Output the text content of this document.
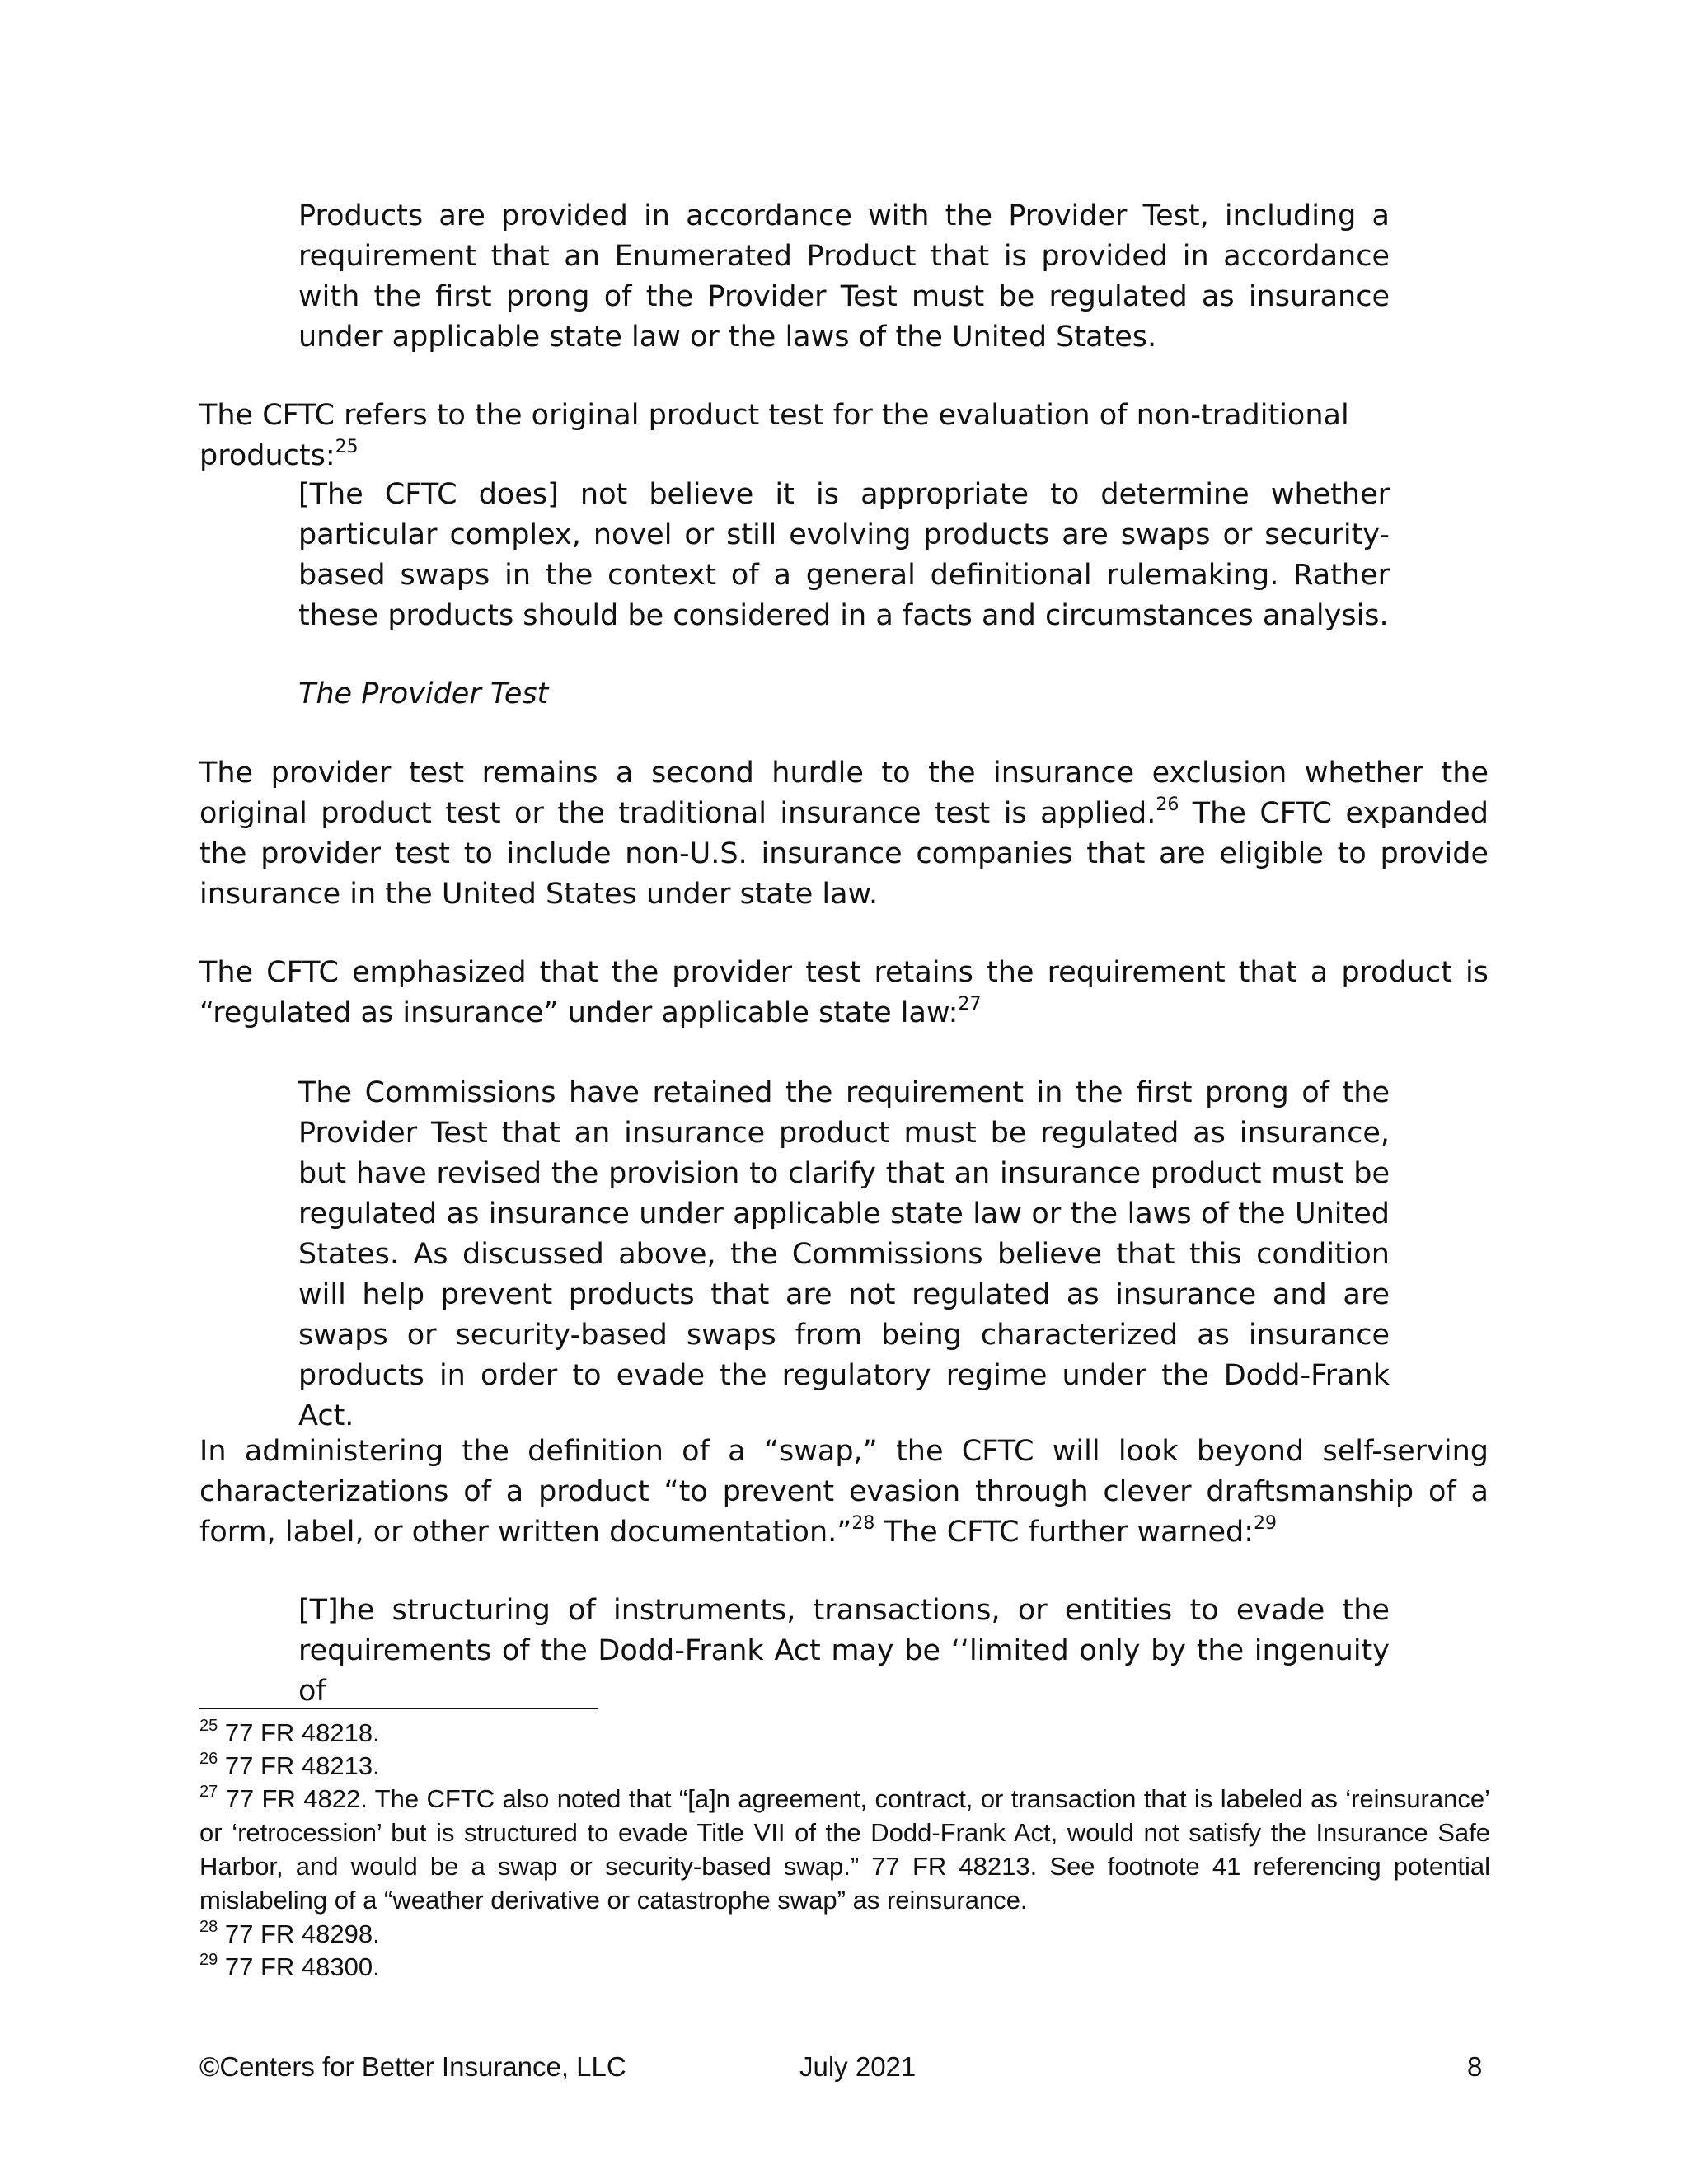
Products are provided in accordance with the Provider Test, including a requirement that an Enumerated Product that is provided in accordance with the first prong of the Provider Test must be regulated as insurance under applicable state law or the laws of the United States.

The CFTC refers to the original product test for the evaluation of non-traditional products:$^{25}$

[The CFTC does] not believe it is appropriate to determine whether particular complex, novel or still evolving products are swaps or security-based swaps in the context of a general definitional rulemaking. Rather these products should be considered in a facts and circumstances analysis.

The Provider Test

The provider test remains a second hurdle to the insurance exclusion whether the original product test or the traditional insurance test is applied.$^{26}$ The CFTC expanded the provider test to include non-U.S. insurance companies that are eligible to provide insurance in the United States under state law.

The CFTC emphasized that the provider test retains the requirement that a product is “regulated as insurance” under applicable state law:$^{27}$

The Commissions have retained the requirement in the first prong of the Provider Test that an insurance product must be regulated as insurance, but have revised the provision to clarify that an insurance product must be regulated as insurance under applicable state law or the laws of the United States. As discussed above, the Commissions believe that this condition will help prevent products that are not regulated as insurance and are swaps or security-based swaps from being characterized as insurance products in order to evade the regulatory regime under the Dodd-Frank Act.

In administering the definition of a “swap,” the CFTC will look beyond self-serving characterizations of a product “to prevent evasion through clever draftsmanship of a form, label, or other written documentation.”$^{28}$ The CFTC further warned:$^{29}$

[T]he structuring of instruments, transactions, or entities to evade the requirements of the Dodd-Frank Act may be ‘‘limited only by the ingenuity of

$^{25}$ 77 FR 48218.
$^{26}$ 77 FR 48213.
$^{27}$ 77 FR 4822. The CFTC also noted that “[a]n agreement, contract, or transaction that is labeled as ‘reinsurance’ or ‘retrocession’ but is structured to evade Title VII of the Dodd-Frank Act, would not satisfy the Insurance Safe Harbor, and would be a swap or security-based swap.” 77 FR 48213. See footnote 41 referencing potential mislabeling of a “weather derivative or catastrophe swap” as reinsurance.
$^{28}$ 77 FR 48298.
$^{29}$ 77 FR 48300.
©Centers for Better Insurance, LLC	July 2021	8
